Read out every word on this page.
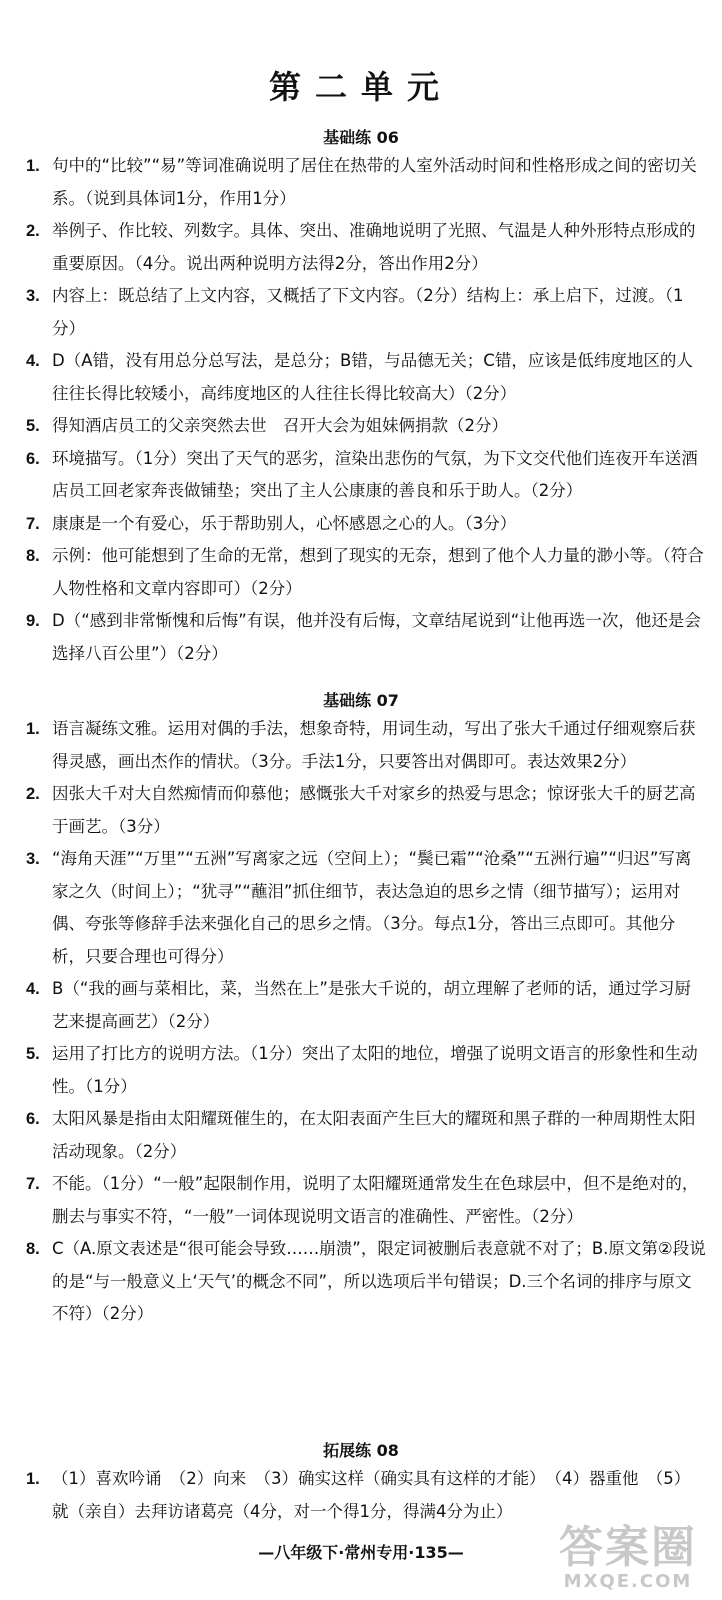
第二单元
基础练 06
1. 句中的“比较”“易”等词准确说明了居住在热带的人室外活动时间和性格形成之间的密切关系。（说到具体词1分，作用1分）
2. 举例子、作比较、列数字。具体、突出、准确地说明了光照、气温是人种外形特点形成的重要原因。（4分。说出两种说明方法得2分，答出作用2分）
3. 内容上：既总结了上文内容，又概括了下文内容。（2分）结构上：承上启下，过渡。（1分）
4. D（A错，没有用总分总写法，是总分；B错，与品德无关；C错，应该是低纬度地区的人往往长得比较矮小，高纬度地区的人往往长得比较高大）（2分）
5. 得知酒店员工的父亲突然去世　召开大会为姐妹俩捐款（2分）
6. 环境描写。（1分）突出了天气的恶劣，渲染出悲伤的气氛，为下文交代他们连夜开车送酒店员工回老家奔丧做铺垫；突出了主人公康康的善良和乐于助人。（2分）
7. 康康是一个有爱心，乐于帮助别人，心怀感恩之心的人。（3分）
8. 示例：他可能想到了生命的无常，想到了现实的无奈，想到了他个人力量的渺小等。（符合人物性格和文章内容即可）（2分）
9. D（“感到非常惭愧和后悔”有误，他并没有后悔，文章结尾说到“让他再选一次，他还是会选择八百公里”）（2分）
基础练 07
1. 语言凝练文雅。运用对偶的手法，想象奇特，用词生动，写出了张大千通过仔细观察后获得灵感，画出杰作的情状。（3分。手法1分，只要答出对偶即可。表达效果2分）
2. 因张大千对大自然痴情而仰慕他；感慨张大千对家乡的热爱与思念；惊讶张大千的厨艺高于画艺。（3分）
3. “海角天涯”“万里”“五洲”写离家之远（空间上）；“鬓已霜”“沧桑”“五洲行遍”“归迟”写离家之久（时间上）；“犹寻”“蘸泪”抓住细节，表达急迫的思乡之情（细节描写）；运用对偶、夸张等修辞手法来强化自己的思乡之情。（3分。每点1分，答出三点即可。其他分析，只要合理也可得分）
4. B（“我的画与菜相比，菜，当然在上”是张大千说的，胡立理解了老师的话，通过学习厨艺来提高画艺）（2分）
5. 运用了打比方的说明方法。（1分）突出了太阳的地位，增强了说明文语言的形象性和生动性。（1分）
6. 太阳风暴是指由太阳耀斑催生的，在太阳表面产生巨大的耀斑和黑子群的一种周期性太阳活动现象。（2分）
7. 不能。（1分）“一般”起限制作用，说明了太阳耀斑通常发生在色球层中，但不是绝对的，删去与事实不符，“一般”一词体现说明文语言的准确性、严密性。（2分）
8. C（A.原文表述是“很可能会导致……崩溃”，限定词被删后表意就不对了；B.原文第②段说的是“与一般意义上‘天气’的概念不同”，所以选项后半句错误；D.三个名词的排序与原文不符）（2分）
拓展练 08
1. （1）喜欢吟诵　（2）向来　（3）确实这样（确实具有这样的才能）　（4）器重他　（5）就（亲自）去拜访诸葛亮（4分，对一个得1分，得满4分为止）
—八年级下·常州专用·135—	答案圈
MXQE.COM
